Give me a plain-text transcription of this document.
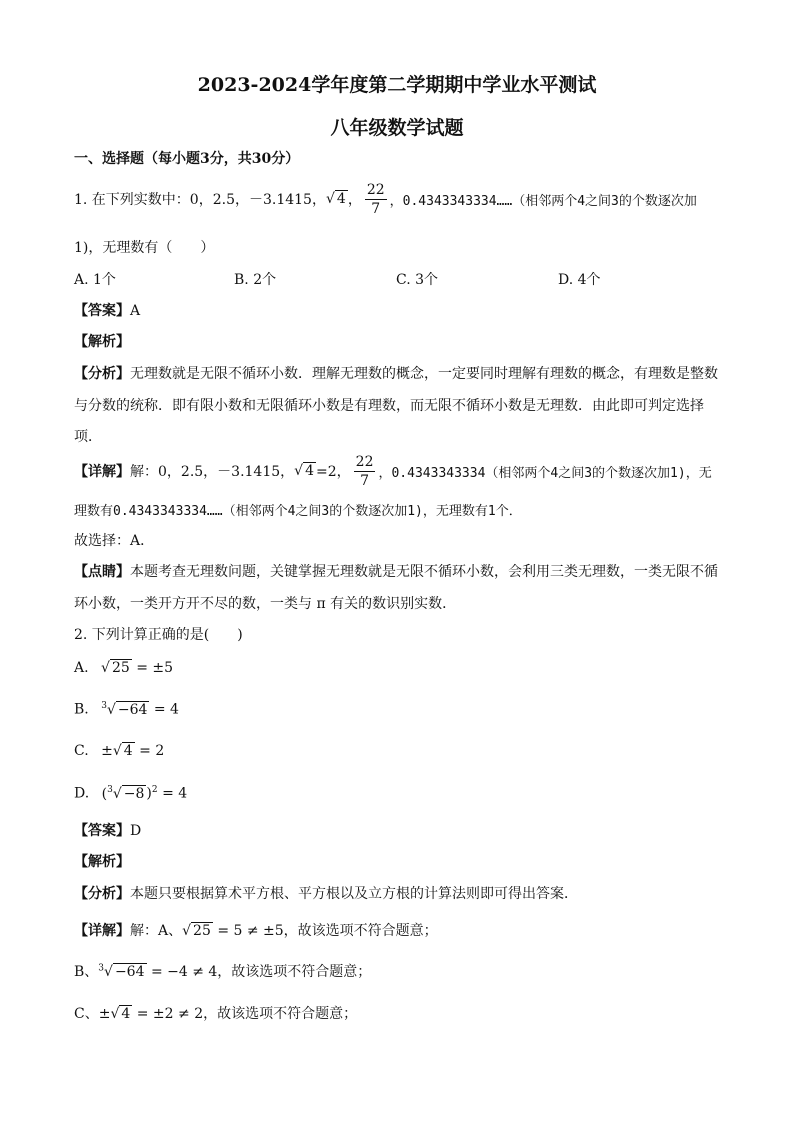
2023-2024学年度第二学期期中学业水平测试
八年级数学试题
一、选择题（每小题3分，共30分）
1. 在下列实数中：0，2.5，－3.1415， √ 4 ， $\frac{22}{7}$ ，0.4343343334……（相邻两个4之间3的个数逐次加
1)，无理数有（　　）
A. 1个	B. 2个	C. 3个	D. 4个
【答案】A
【解析】
【分析】无理数就是无限不循环小数．理解无理数的概念，一定要同时理解有理数的概念，有理数是整数
与分数的统称．即有限小数和无限循环小数是有理数，而无限不循环小数是无理数．由此即可判定选择
项．
【详解】 解：0，2.5，－3.1415， √ 4 =2， $\frac{22}{7}$ ，0.4343343334（相邻两个4之间3的个数逐次加1)，无
理数有0.4343343334……（相邻两个4之间3的个数逐次加1)，无理数有1个．
故选择：A．
【点睛】本题考查无理数问题，关键掌握无理数就是无限不循环小数，会利用三类无理数，一类无限不循
环小数，一类开方开不尽的数，一类与 π 有关的数识别实数．
2. 下列计算正确的是(　　)
A. √ 25 = ±5
B. $^3$√ −64 = 4
C. ±√ 4 = 2
D. ($^3$√ −8 )$^2$ = 4
【答案】D
【解析】
【分析】本题只要根据算术平方根、平方根以及立方根的计算法则即可得出答案．
【详解】解：A、√ 25 = 5 ≠ ±5，故该选项不符合题意；
B、$^3$√ −64 = −4 ≠ 4，故该选项不符合题意；
C、±√ 4 = ±2 ≠ 2，故该选项不符合题意；
